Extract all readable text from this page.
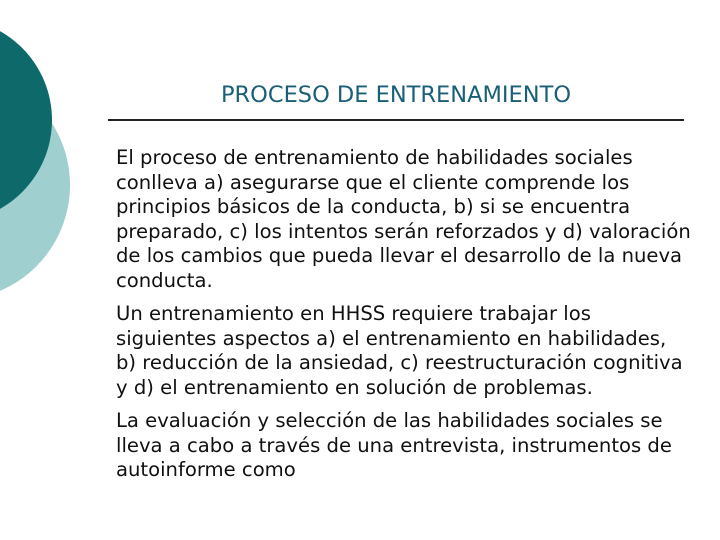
PROCESO DE ENTRENAMIENTO

El proceso de entrenamiento de habilidades sociales conlleva a) asegurarse que el cliente comprende los principios básicos de la conducta, b) si se encuentra preparado, c) los intentos serán reforzados y d) valoración de los cambios que pueda llevar el desarrollo de la nueva conducta.

Un entrenamiento en HHSS requiere trabajar los siguientes aspectos a) el entrenamiento en habilidades, b) reducción de la ansiedad, c) reestructuración cognitiva y d) el entrenamiento en solución de problemas.

La evaluación y selección de las habilidades sociales se lleva a cabo a través de una entrevista, instrumentos de autoinforme como
